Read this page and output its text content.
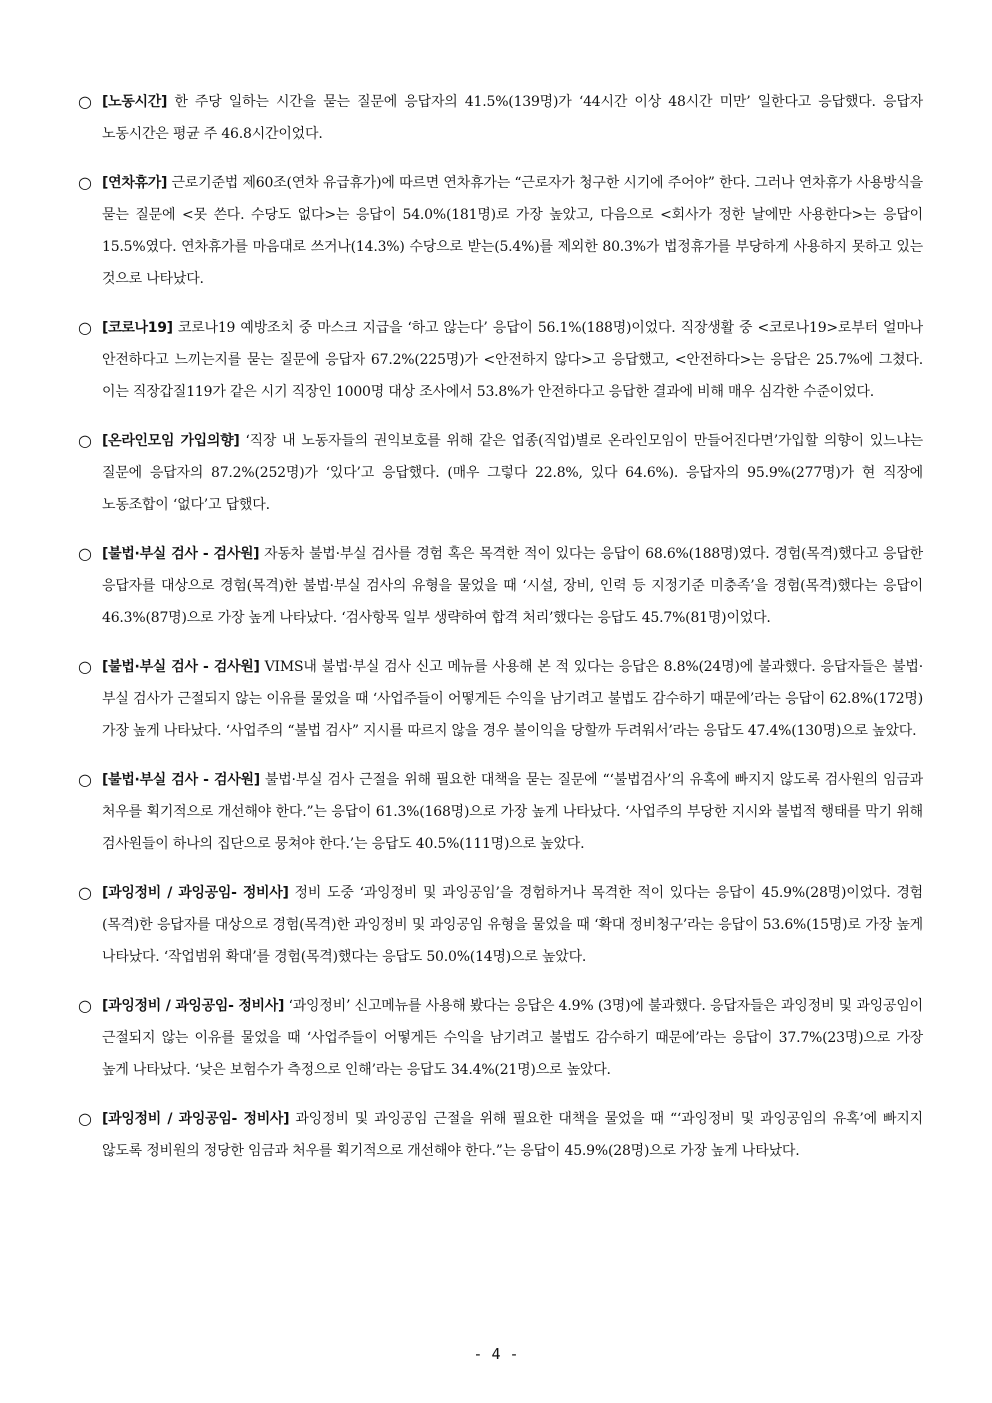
○ [노동시간] 한 주당 일하는 시간을 묻는 질문에 응답자의 41.5%(139명)가 ‘44시간 이상 48시간 미만’ 일한다고 응답했다. 응답자 노동시간은 평균 주 46.8시간이었다.

○ [연차휴가] 근로기준법 제60조(연차 유급휴가)에 따르면 연차휴가는 “근로자가 청구한 시기에 주어야” 한다. 그러나 연차휴가 사용방식을 묻는 질문에 <못 쓴다. 수당도 없다>는 응답이 54.0%(181명)로 가장 높았고, 다음으로 <회사가 정한 날에만 사용한다>는 응답이 15.5%였다. 연차휴가를 마음대로 쓰거나(14.3%) 수당으로 받는(5.4%)를 제외한 80.3%가 법정휴가를 부당하게 사용하지 못하고 있는 것으로 나타났다.

○ [코로나19] 코로나19 예방조치 중 마스크 지급을 ‘하고 않는다’ 응답이 56.1%(188명)이었다. 직장생활 중 <코로나19>로부터 얼마나 안전하다고 느끼는지를 묻는 질문에 응답자 67.2%(225명)가 <안전하지 않다>고 응답했고, <안전하다>는 응답은 25.7%에 그쳤다. 이는 직장갑질119가 같은 시기 직장인 1000명 대상 조사에서 53.8%가 안전하다고 응답한 결과에 비해 매우 심각한 수준이었다.

○ [온라인모임 가입의향] ‘직장 내 노동자들의 권익보호를 위해 같은 업종(직업)별로 온라인모임이 만들어진다면’가입할 의향이 있느냐는 질문에 응답자의 87.2%(252명)가 ‘있다’고 응답했다. (매우 그렇다 22.8%, 있다 64.6%). 응답자의 95.9%(277명)가 현 직장에 노동조합이 ‘없다’고 답했다.

○ [불법·부실 검사 - 검사원] 자동차 불법·부실 검사를 경험 혹은 목격한 적이 있다는 응답이 68.6%(188명)였다. 경험(목격)했다고 응답한 응답자를 대상으로 경험(목격)한 불법·부실 검사의 유형을 물었을 때 ‘시설, 장비, 인력 등 지정기준 미충족’을 경험(목격)했다는 응답이 46.3%(87명)으로 가장 높게 나타났다. ‘검사항목 일부 생략하여 합격 처리’했다는 응답도 45.7%(81명)이었다.

○ [불법·부실 검사 - 검사원] VIMS내 불법·부실 검사 신고 메뉴를 사용해 본 적 있다는 응답은 8.8%(24명)에 불과했다. 응답자들은 불법·부실 검사가 근절되지 않는 이유를 물었을 때 ‘사업주들이 어떻게든 수익을 남기려고 불법도 감수하기 때문에’라는 응답이 62.8%(172명) 가장 높게 나타났다. ‘사업주의 “불법 검사” 지시를 따르지 않을 경우 불이익을 당할까 두려워서’라는 응답도 47.4%(130명)으로 높았다.

○ [불법·부실 검사 - 검사원] 불법·부실 검사 근절을 위해 필요한 대책을 묻는 질문에 “‘불법검사’의 유혹에 빠지지 않도록 검사원의 임금과 처우를 획기적으로 개선해야 한다.”는 응답이 61.3%(168명)으로 가장 높게 나타났다. ‘사업주의 부당한 지시와 불법적 행태를 막기 위해 검사원들이 하나의 집단으로 뭉쳐야 한다.’는 응답도 40.5%(111명)으로 높았다.

○ [과잉정비 / 과잉공임- 정비사] 정비 도중 ‘과잉정비 및 과잉공임’을 경험하거나 목격한 적이 있다는 응답이 45.9%(28명)이었다. 경험(목격)한 응답자를 대상으로 경험(목격)한 과잉정비 및 과잉공임 유형을 물었을 때 ‘확대 정비청구’라는 응답이 53.6%(15명)로 가장 높게 나타났다. ‘작업범위 확대’를 경험(목격)했다는 응답도 50.0%(14명)으로 높았다.

○ [과잉정비 / 과잉공임- 정비사] ‘과잉정비’ 신고메뉴를 사용해 봤다는 응답은 4.9% (3명)에 불과했다. 응답자들은 과잉정비 및 과잉공임이 근절되지 않는 이유를 물었을 때 ‘사업주들이 어떻게든 수익을 남기려고 불법도 감수하기 때문에’라는 응답이 37.7%(23명)으로 가장 높게 나타났다. ‘낮은 보험수가 측정으로 인해’라는 응답도 34.4%(21명)으로 높았다.

○ [과잉정비 / 과잉공임- 정비사] 과잉정비 및 과잉공임 근절을 위해 필요한 대책을 물었을 때 “‘과잉정비 및 과잉공임의 유혹’에 빠지지 않도록 정비원의 정당한 임금과 처우를 획기적으로 개선해야 한다.”는 응답이 45.9%(28명)으로 가장 높게 나타났다.

- 4 -
